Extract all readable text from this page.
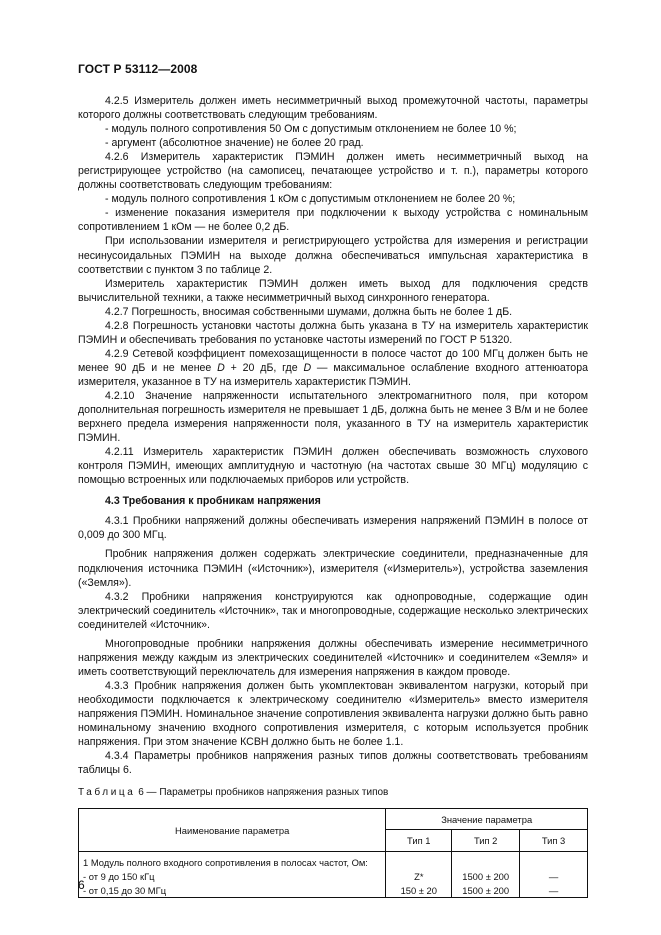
ГОСТ Р 53112—2008

4.2.5 Измеритель должен иметь несимметричный выход промежуточной частоты, параметры которого должны соответствовать следующим требованиям.

- модуль полного сопротивления 50 Ом с допустимым отклонением не более 10 %;

- аргумент (абсолютное значение) не более 20 град.

4.2.6 Измеритель характеристик ПЭМИН должен иметь несимметричный выход на регистрирующее устройство (на самописец, печатающее устройство и т. п.), параметры которого должны соответствовать следующим требованиям:

- модуль полного сопротивления 1 кОм с допустимым отклонением не более 20 %;

- изменение показания измерителя при подключении к выходу устройства с номинальным сопротивлением 1 кОм — не более 0,2 дБ.

При использовании измерителя и регистрирующего устройства для измерения и регистрации несинусоидальных ПЭМИН на выходе должна обеспечиваться импульсная характеристика в соответствии с пунктом 3 по таблице 2.

Измеритель характеристик ПЭМИН должен иметь выход для подключения средств вычислительной техники, а также несимметричный выход синхронного генератора.

4.2.7 Погрешность, вносимая собственными шумами, должна быть не более 1 дБ.

4.2.8 Погрешность установки частоты должна быть указана в ТУ на измеритель характеристик ПЭМИН и обеспечивать требования по установке частоты измерений по ГОСТ Р 51320.

4.2.9 Сетевой коэффициент помехозащищенности в полосе частот до 100 МГц должен быть не менее 90 дБ и не менее D + 20 дБ, где D — максимальное ослабление входного аттенюатора измерителя, указанное в ТУ на измеритель характеристик ПЭМИН.

4.2.10 Значение напряженности испытательного электромагнитного поля, при котором дополнительная погрешность измерителя не превышает 1 дБ, должна быть не менее 3 В/м и не более верхнего предела измерения напряженности поля, указанного в ТУ на измеритель характеристик ПЭМИН.

4.2.11 Измеритель характеристик ПЭМИН должен обеспечивать возможность слухового контроля ПЭМИН, имеющих амплитудную и частотную (на частотах свыше 30 МГц) модуляцию с помощью встроенных или подключаемых приборов или устройств.

4.3 Требования к пробникам напряжения

4.3.1 Пробники напряжений должны обеспечивать измерения напряжений ПЭМИН в полосе от 0,009 до 300 МГц.

Пробник напряжения должен содержать электрические соединители, предназначенные для подключения источника ПЭМИН («Источник»), измерителя («Измеритель»), устройства заземления («Земля»).

4.3.2 Пробники напряжения конструируются как однопроводные, содержащие один электрический соединитель «Источник», так и многопроводные, содержащие несколько электрических соединителей «Источник».

Многопроводные пробники напряжения должны обеспечивать измерение несимметричного напряжения между каждым из электрических соединителей «Источник» и соединителем «Земля» и иметь соответствующий переключатель для измерения напряжения в каждом проводе.

4.3.3 Пробник напряжения должен быть укомплектован эквивалентом нагрузки, который при необходимости подключается к электрическому соединителю «Измеритель» вместо измерителя напряжения ПЭМИН. Номинальное значение сопротивления эквивалента нагрузки должно быть равно номинальному значению входного сопротивления измерителя, с которым используется пробник напряжения. При этом значение КСВН должно быть не более 1.1.

4.3.4 Параметры пробников напряжения разных типов должны соответствовать требованиям таблицы 6.

Таблица 6 — Параметры пробников напряжения разных типов

Наименование параметра	Значение параметра		
	Тип 1	Тип 2	Тип 3
1 Модуль полного входного сопротивления в полосах частот, Ом:			
- от 9 до 150 кГц	Z*	1500 ± 200	—
- от 0,15 до 30 МГц	150 ± 20	1500 ± 200	—
6
